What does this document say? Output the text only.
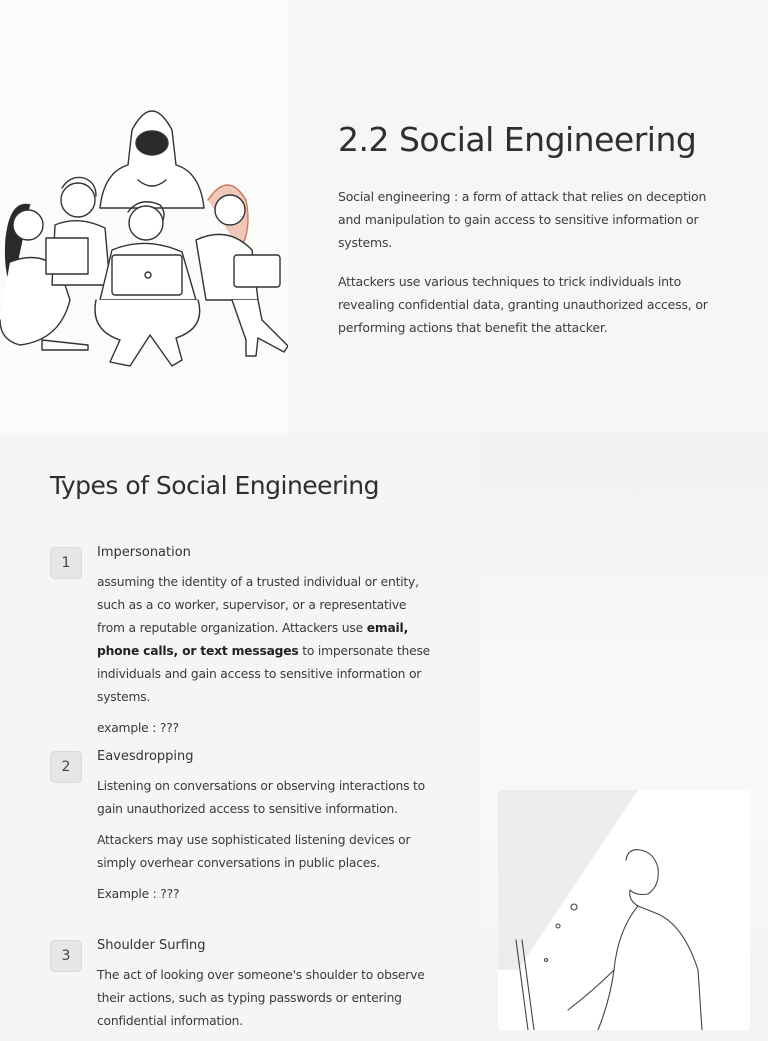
2.2 Social Engineering

Social engineering : a form of attack that relies on deception and manipulation to gain access to sensitive information or systems.

Attackers use various techniques to trick individuals into revealing confidential data, granting unauthorized access, or performing actions that benefit the attacker.

Types of Social Engineering
1
Impersonation
assuming the identity of a trusted individual or entity, such as a co worker, supervisor, or a representative from a reputable organization. Attackers use email, phone calls, or text messages to impersonate these individuals and gain access to sensitive information or systems.
example : ???
2
Eavesdropping
Listening on conversations or observing interactions to gain unauthorized access to sensitive information.
Attackers may use sophisticated listening devices or simply overhear conversations in public places.
Example : ???
3
Shoulder Surfing
The act of looking over someone's shoulder to observe their actions, such as typing passwords or entering confidential information.
